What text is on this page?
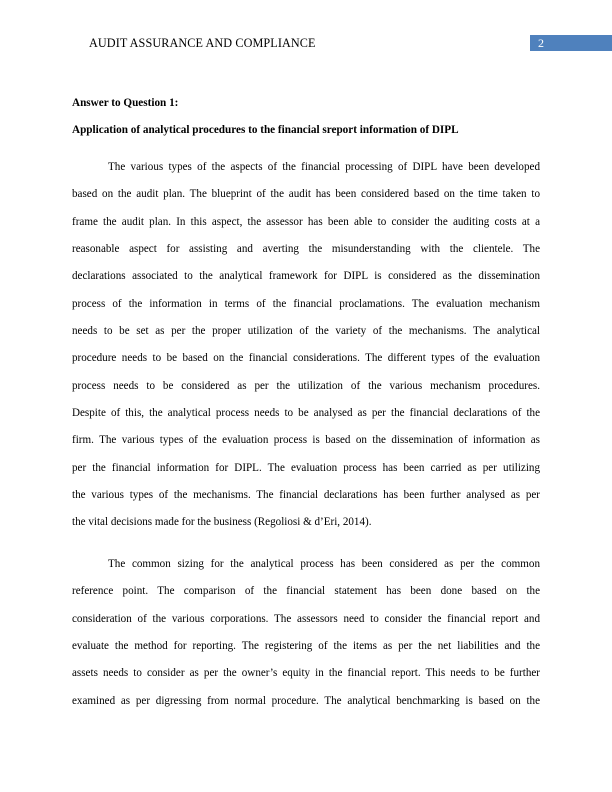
AUDIT ASSURANCE AND COMPLIANCE	2
Answer to Question 1:
Application of analytical procedures to the financial sreport information of DIPL
The various types of the aspects of the financial processing of DIPL have been developed
based on the audit plan. The blueprint of the audit has been considered based on the time taken to
frame the audit plan. In this aspect, the assessor has been able to consider the auditing costs at a
reasonable aspect for assisting and averting the misunderstanding with the clientele. The
declarations associated to the analytical framework for DIPL is considered as the dissemination
process of the information in terms of the financial proclamations. The evaluation mechanism
needs to be set as per the proper utilization of the variety of the mechanisms. The analytical
procedure needs to be based on the financial considerations. The different types of the evaluation
process needs to be considered as per the utilization of the various mechanism procedures.
Despite of this, the analytical process needs to be analysed as per the financial declarations of the
firm. The various types of the evaluation process is based on the dissemination of information as
per the financial information for DIPL. The evaluation process has been carried as per utilizing
the various types of the mechanisms. The financial declarations has been further analysed as per
the vital decisions made for the business (Regoliosi & d’Eri, 2014).
The common sizing for the analytical process has been considered as per the common
reference point. The comparison of the financial statement has been done based on the
consideration of the various corporations. The assessors need to consider the financial report and
evaluate the method for reporting. The registering of the items as per the net liabilities and the
assets needs to consider as per the owner’s equity in the financial report. This needs to be further
examined as per digressing from normal procedure. The analytical benchmarking is based on the
